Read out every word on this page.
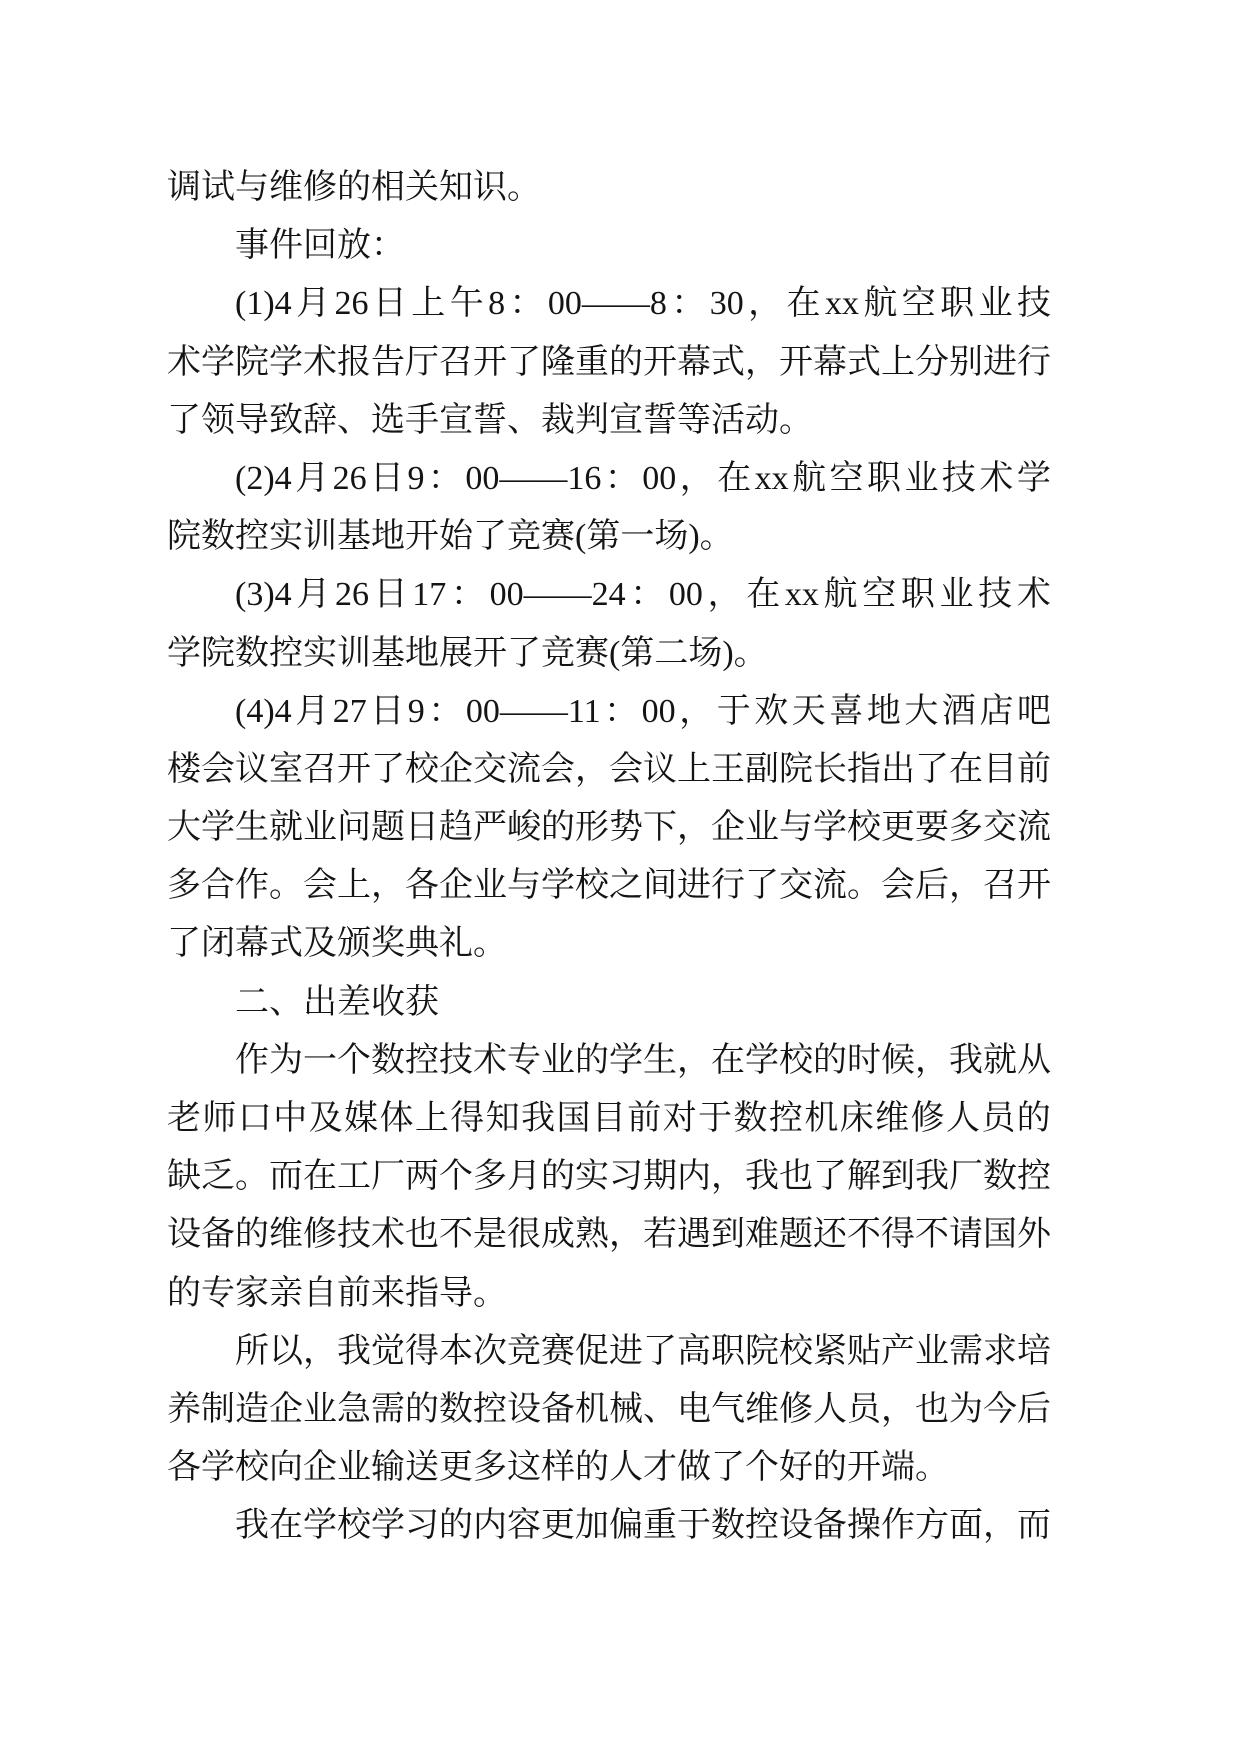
调试与维修的相关知识。
事件回放：
(1)4 月 26 日 上 午 8 ： 00——8 ： 30 ， 在 xx 航 空 职 业 技
术 学 院 学 术 报 告 厅 召 开 了 隆 重 的 开 幕 式 ， 开 幕 式 上 分 别 进 行
了领导致辞、选手宣誓、裁判宣誓等活动。
(2)4 月 26 日 9 ： 00——16 ： 00 ， 在 xx 航 空 职 业 技 术 学
院数控实训基地开始了竞赛(第一场)。
(3)4 月 26 日 17 ： 00——24 ： 00 ， 在 xx 航 空 职 业 技 术
学院数控实训基地展开了竞赛(第二场)。
(4)4 月 27 日 9 ： 00——11 ： 00 ， 于 欢 天 喜 地 大 酒 店 吧
楼 会 议 室 召 开 了 校 企 交 流 会 ， 会 议 上 王 副 院 长 指 出 了 在 目 前
大 学 生 就 业 问 题 日 趋 严 峻 的 形 势 下 ， 企 业 与 学 校 更 要 多 交 流
多 合 作 。 会 上 ， 各 企 业 与 学 校 之 间 进 行 了 交 流 。 会 后 ， 召 开
了闭幕式及颁奖典礼。
二、出差收获
作 为 一 个 数 控 技 术 专 业 的 学 生 ， 在 学 校 的 时 候 ， 我 就 从
老 师 口 中 及 媒 体 上 得 知 我 国 目 前 对 于 数 控 机 床 维 修 人 员 的
缺 乏 。 而 在 工 厂 两 个 多 月 的 实 习 期 内 ， 我 也 了 解 到 我 厂 数 控
设 备 的 维 修 技 术 也 不 是 很 成 熟 ， 若 遇 到 难 题 还 不 得 不 请 国 外
的专家亲自前来指导。
所 以 ， 我 觉 得 本 次 竞 赛 促 进 了 高 职 院 校 紧 贴 产 业 需 求 培
养 制 造 企 业 急 需 的 数 控 设 备 机 械 、 电 气 维 修 人 员 ， 也 为 今 后
各学校向企业输送更多这样的人才做了个好的开端。
我 在 学 校 学 习 的 内 容 更 加 偏 重 于 数 控 设 备 操 作 方 面 ， 而
